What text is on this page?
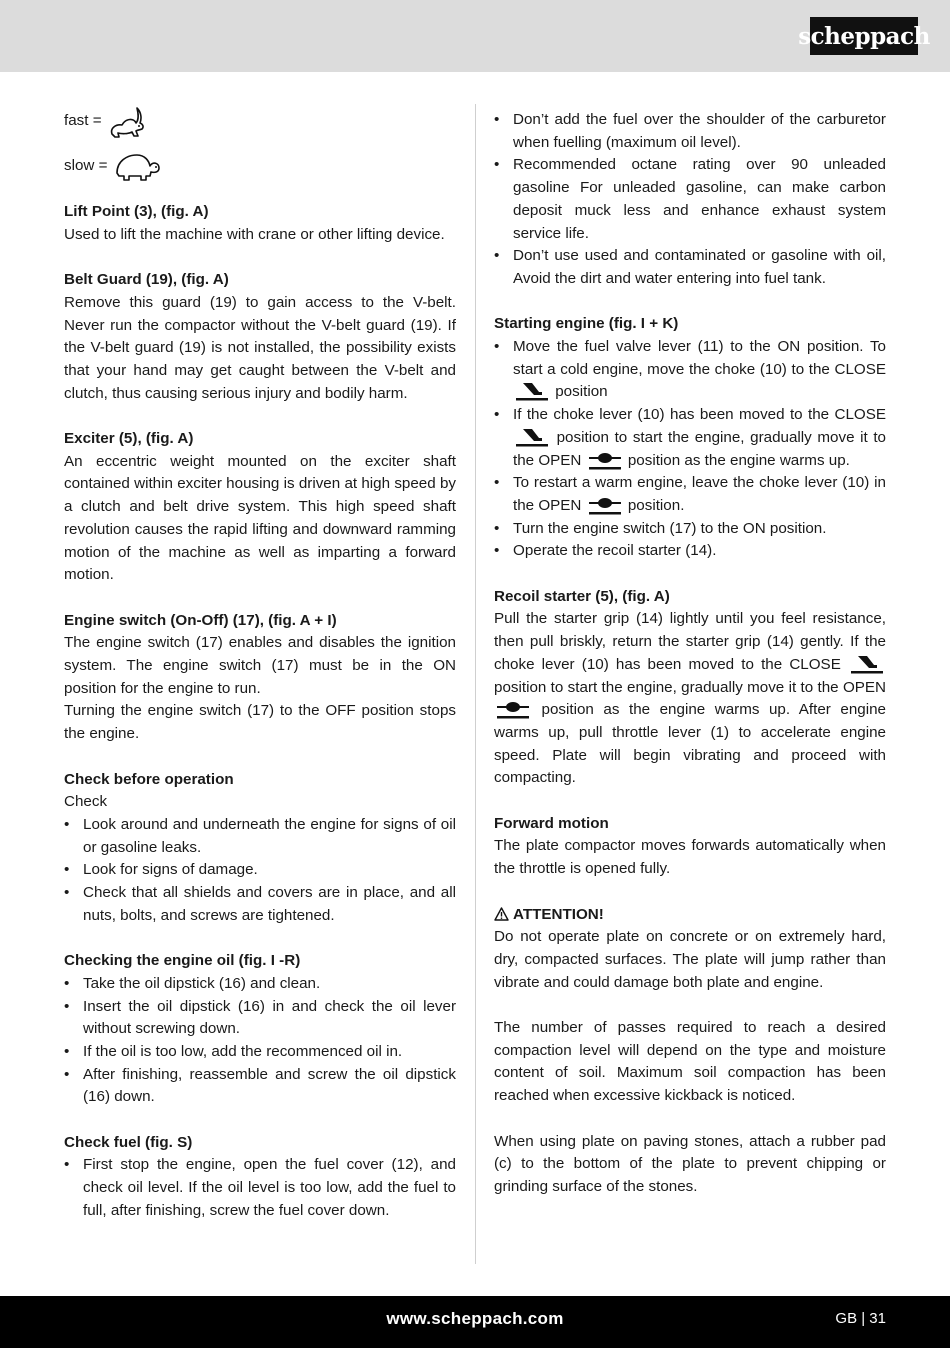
scheppach
fast =
slow =

Lift Point (3), (fig. A)

Used to lift the machine with crane or other lifting device.

Belt Guard (19), (fig. A)

Remove this guard (19) to gain access to the V-belt. Never run the compactor without the V-belt guard (19). If the V-belt guard (19) is not installed, the possibility exists that your hand may get caught between the V-belt and clutch, thus causing serious injury and bodily harm.

Exciter (5), (fig. A)

An eccentric weight mounted on the exciter shaft contained within exciter housing is driven at high speed by a clutch and belt drive system. This high speed shaft revolution causes the rapid lifting and downward ramming motion of the machine as well as imparting a forward motion.

Engine switch (On-Off) (17), (fig. A + I)

The engine switch (17) enables and disables the ignition system. The engine switch (17) must be in the ON position for the engine to run.

Turning the engine switch (17) to the OFF position stops the engine.

Check before operation

Check

• Look around and underneath the engine for signs of oil or gasoline leaks.
• Look for signs of damage.
• Check that all shields and covers are in place, and all nuts, bolts, and screws are tightened.

Checking the engine oil (fig. I -R)

• Take the oil dipstick (16) and clean.
• Insert the oil dipstick (16) in and check the oil lever without screwing down.
• If the oil is too low, add the recommenced oil in.
• After finishing, reassemble and screw the oil dipstick (16) down.

Check fuel (fig. S)

• First stop the engine, open the fuel cover (12), and check oil level. If the oil level is too low, add the fuel to full, after finishing, screw the fuel cover down.
• Don’t add the fuel over the shoulder of the carburetor when fuelling (maximum oil level).
• Recommended octane rating over 90 unleaded gasoline For unleaded gasoline, can make carbon deposit muck less and enhance exhaust system service life.
• Don’t use used and contaminated or gasoline with oil, Avoid the dirt and water entering into fuel tank.

Starting engine (fig. I + K)

• Move the fuel valve lever (11) to the ON position. To start a cold engine, move the choke (10) to the CLOSE  position
• If the choke lever (10) has been moved to the CLOSE  position to start the engine, gradually move it to the OPEN	position as the engine warms up.
• To restart a warm engine, leave the choke lever (10) in the OPEN	position.
• Turn the engine switch (17) to the ON position.
• Operate the recoil starter (14).

Recoil starter (5), (fig. A)

Pull the starter grip (14) lightly until you feel resistance, then pull briskly, return the starter grip (14) gently. If the choke lever (10) has been moved to the CLOSE  position to start the engine, gradually move it to the OPEN  position as the engine warms up. After engine warms up, pull throttle lever (1) to accelerate engine speed. Plate will begin vibrating and proceed with compacting.

Forward motion

The plate compactor moves forwards automatically when the throttle is opened fully.

ATTENTION!

Do not operate plate on concrete or on extremely hard, dry, compacted surfaces. The plate will jump rather than vibrate and could damage both plate and engine.

The number of passes required to reach a desired compaction level will depend on the type and moisture content of soil. Maximum soil compaction has been reached when excessive kickback is noticed.

When using plate on paving stones, attach a rubber pad (c) to the bottom of the plate to prevent chipping or grinding surface of the stones.

www.scheppach.com	GB | 31
